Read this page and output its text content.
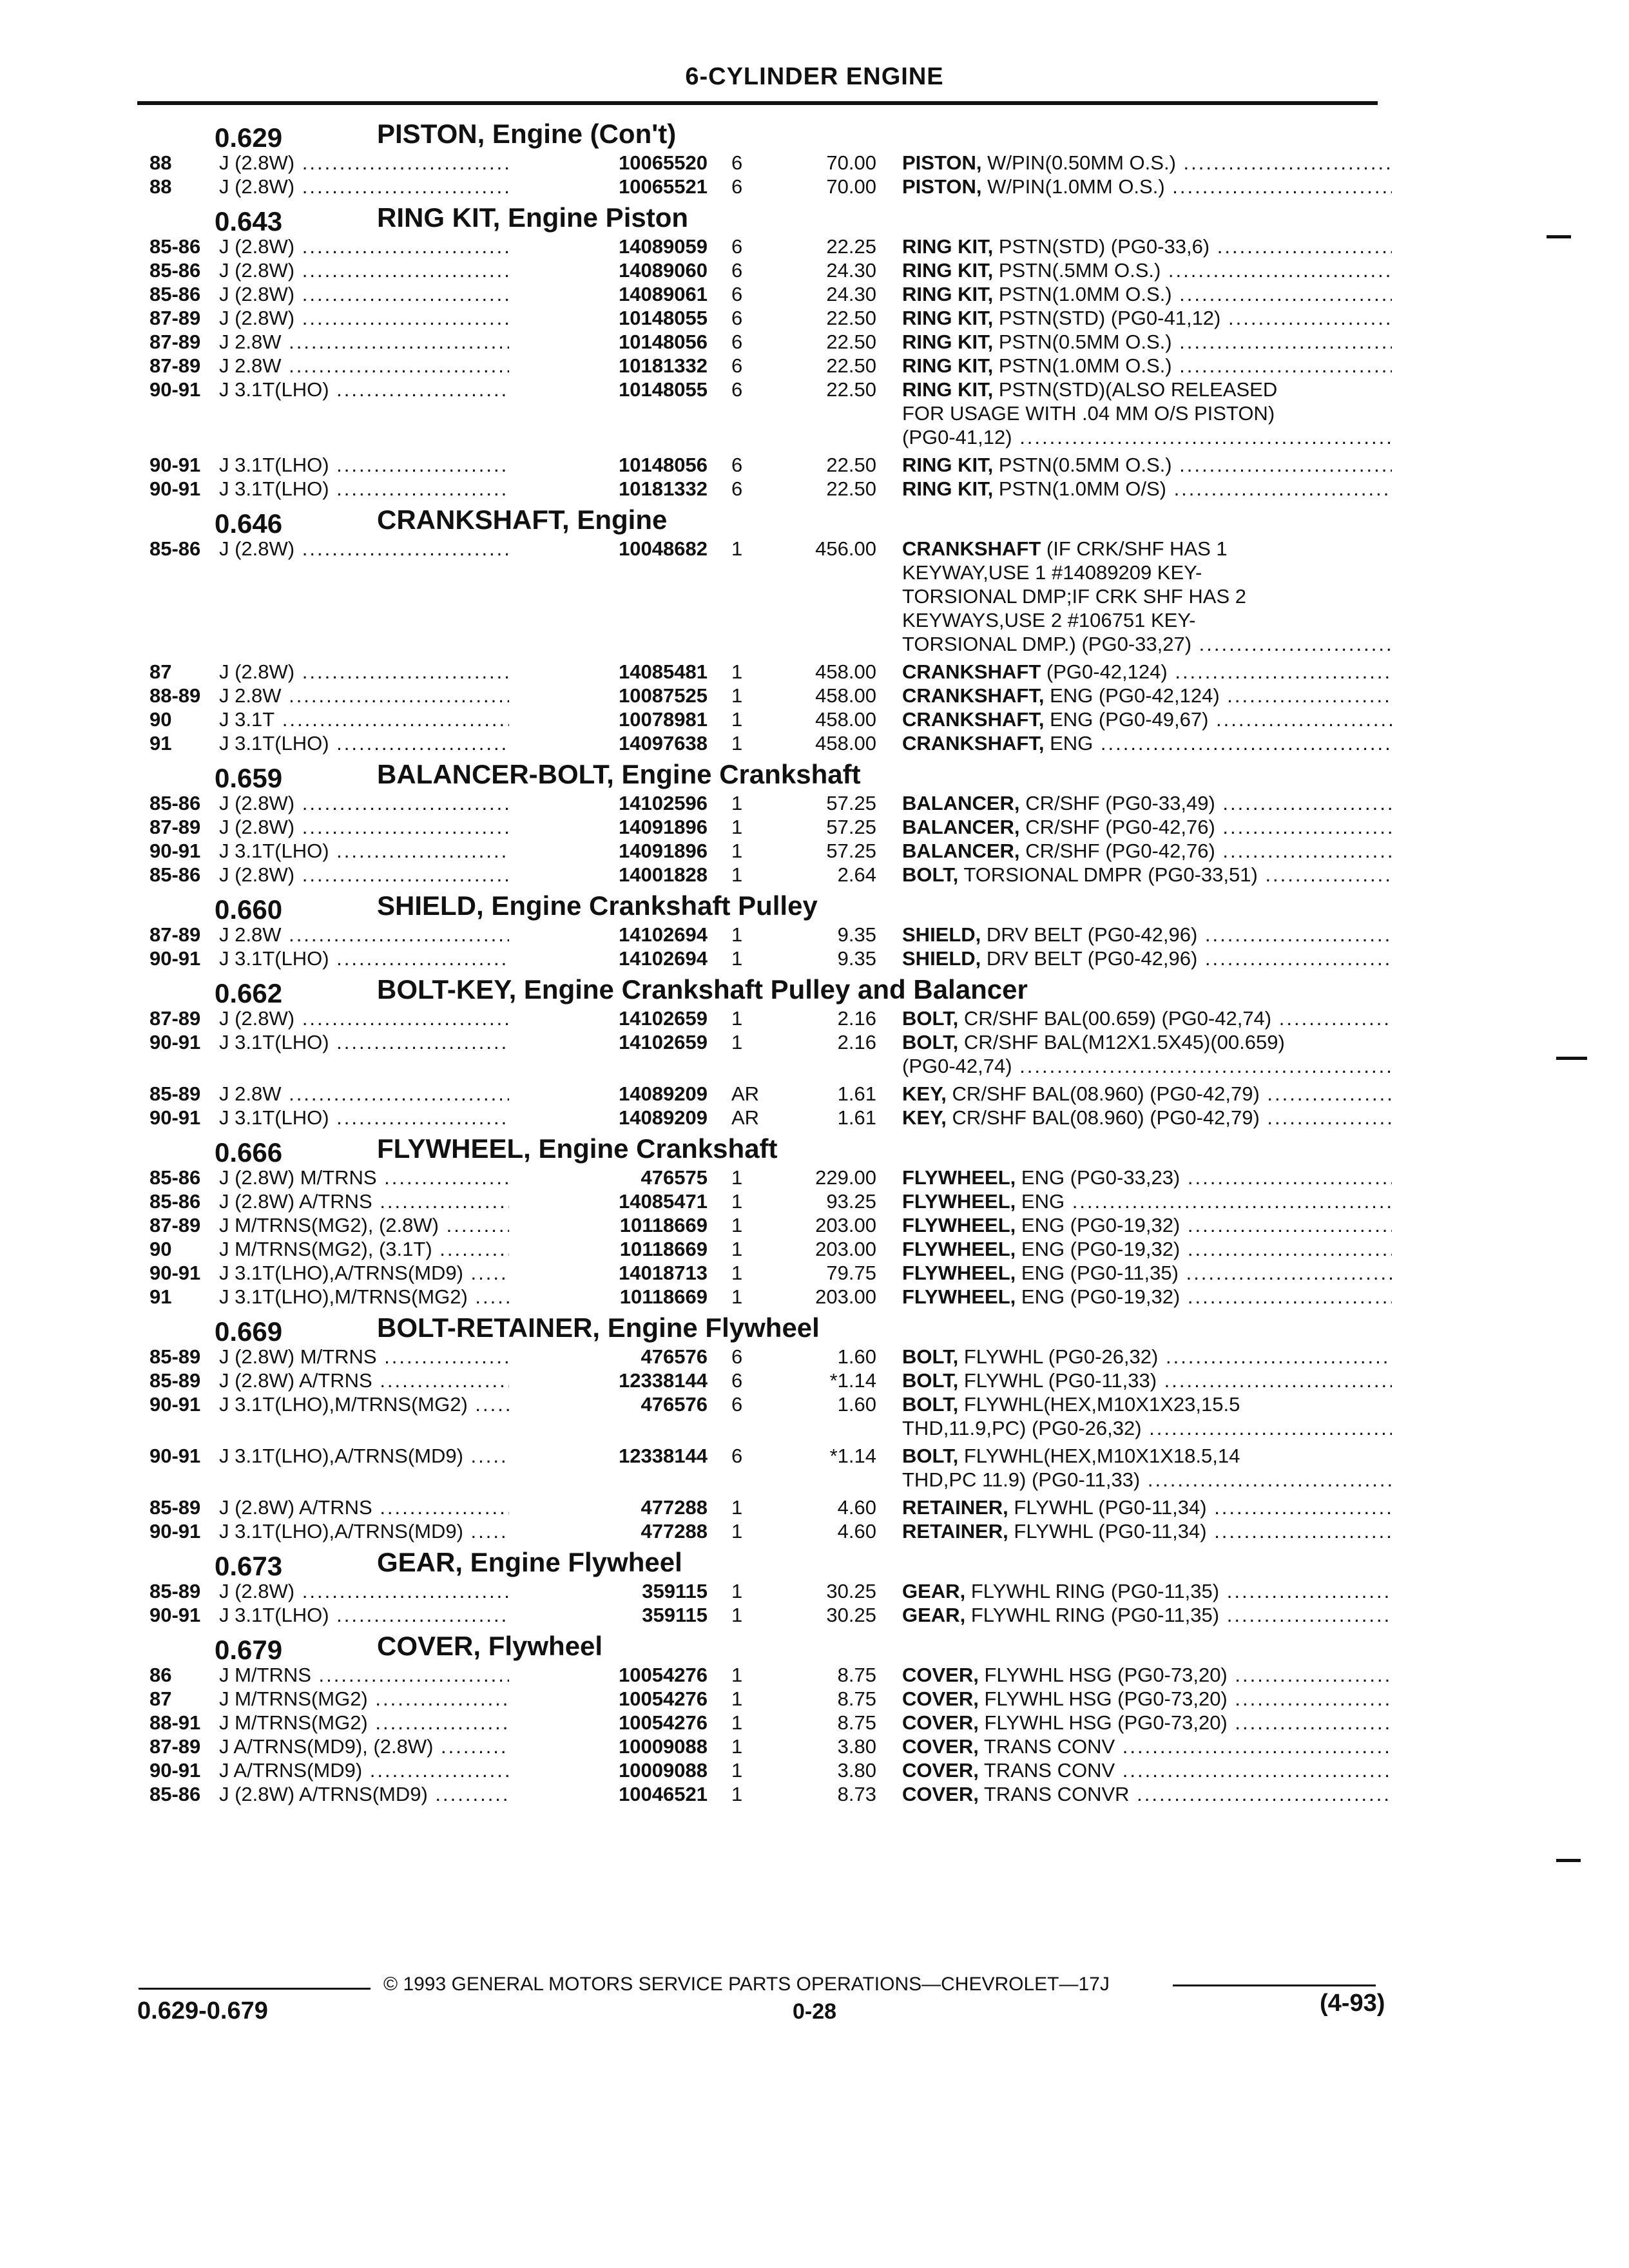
6-CYLINDER ENGINE
0.629	PISTON, Engine (Con't)
88 J (2.8W) .....	10065520 6	70.00 PISTON, W/PIN(0.50MM O.S.) .....
88 J (2.8W) .....	10065521 6	70.00 PISTON, W/PIN(1.0MM O.S.) .....
0.643	RING KIT, Engine Piston
85-86 J (2.8W) .....	14089059 6	22.25 RING KIT, PSTN(STD) (PG0-33,6) .....
85-86 J (2.8W) .....	14089060 6	24.30 RING KIT, PSTN(.5MM O.S.) .....
85-86 J (2.8W) .....	14089061 6	24.30 RING KIT, PSTN(1.0MM O.S.) .....
87-89 J (2.8W) .....	10148055 6	22.50 RING KIT, PSTN(STD) (PG0-41,12) .....
87-89 J 2.8W .....	10148056 6	22.50 RING KIT, PSTN(0.5MM O.S.) .....
87-89 J 2.8W .....	10181332 6	22.50 RING KIT, PSTN(1.0MM O.S.) .....
90-91 J 3.1T(LHO) .....	10148055 6	22.50 RING KIT, PSTN(STD)(ALSO RELEASED
FOR USAGE WITH .04 MM O/S PISTON)
(PG0-41,12) .....
90-91 J 3.1T(LHO) .....	10148056 6	22.50 RING KIT, PSTN(0.5MM O.S.) .....
90-91 J 3.1T(LHO) .....	10181332 6	22.50 RING KIT, PSTN(1.0MM O/S) .....
0.646	CRANKSHAFT, Engine
85-86 J (2.8W) .....	10048682 1	456.00 CRANKSHAFT (IF CRK/SHF HAS 1
KEYWAY,USE 1 #14089209 KEY-
TORSIONAL DMP;IF CRK SHF HAS 2
KEYWAYS,USE 2 #106751 KEY-
TORSIONAL DMP.) (PG0-33,27) .....
87 J (2.8W) .....	14085481 1	458.00 CRANKSHAFT (PG0-42,124) .....
88-89 J 2.8W .....	10087525 1	458.00 CRANKSHAFT, ENG (PG0-42,124) .....
90 J 3.1T .....	10078981 1	458.00 CRANKSHAFT, ENG (PG0-49,67) .....
91 J 3.1T(LHO) .....	14097638 1	458.00 CRANKSHAFT, ENG .....
0.659	BALANCER-BOLT, Engine Crankshaft
85-86 J (2.8W) .....	14102596 1	57.25 BALANCER, CR/SHF (PG0-33,49) .....
87-89 J (2.8W) .....	14091896 1	57.25 BALANCER, CR/SHF (PG0-42,76) .....
90-91 J 3.1T(LHO) .....	14091896 1	57.25 BALANCER, CR/SHF (PG0-42,76) .....
85-86 J (2.8W) .....	14001828 1	2.64 BOLT, TORSIONAL DMPR (PG0-33,51) .....
0.660	SHIELD, Engine Crankshaft Pulley
87-89 J 2.8W .....	14102694 1	9.35 SHIELD, DRV BELT (PG0-42,96) .....
90-91 J 3.1T(LHO) .....	14102694 1	9.35 SHIELD, DRV BELT (PG0-42,96) .....
0.662	BOLT-KEY, Engine Crankshaft Pulley and Balancer
87-89 J (2.8W) .....	14102659 1	2.16 BOLT, CR/SHF BAL(00.659) (PG0-42,74) .....
90-91 J 3.1T(LHO) .....	14102659 1	2.16 BOLT, CR/SHF BAL(M12X1.5X45)(00.659)
(PG0-42,74) .....
85-89 J 2.8W .....	14089209 AR	1.61 KEY, CR/SHF BAL(08.960) (PG0-42,79) .....
90-91 J 3.1T(LHO) .....	14089209 AR	1.61 KEY, CR/SHF BAL(08.960) (PG0-42,79) .....
0.666	FLYWHEEL, Engine Crankshaft
85-86 J (2.8W) M/TRNS .....	476575 1	229.00 FLYWHEEL, ENG (PG0-33,23) .....
85-86 J (2.8W) A/TRNS .....	14085471 1	93.25 FLYWHEEL, ENG .....
87-89 J M/TRNS(MG2), (2.8W) .....	10118669 1	203.00 FLYWHEEL, ENG (PG0-19,32) .....
90 J M/TRNS(MG2), (3.1T) .....	10118669 1	203.00 FLYWHEEL, ENG (PG0-19,32) .....
90-91 J 3.1T(LHO),A/TRNS(MD9) .....	14018713 1	79.75 FLYWHEEL, ENG (PG0-11,35) .....
91 J 3.1T(LHO),M/TRNS(MG2) .....	10118669 1	203.00 FLYWHEEL, ENG (PG0-19,32) .....
0.669	BOLT-RETAINER, Engine Flywheel
85-89 J (2.8W) M/TRNS .....	476576 6	1.60 BOLT, FLYWHL (PG0-26,32) .....
85-89 J (2.8W) A/TRNS .....	12338144 6	*1.14 BOLT, FLYWHL (PG0-11,33) .....
90-91 J 3.1T(LHO),M/TRNS(MG2) .....	476576 6	1.60 BOLT, FLYWHL(HEX,M10X1X23,15.5
THD,11.9,PC) (PG0-26,32) .....
90-91 J 3.1T(LHO),A/TRNS(MD9) .....	12338144 6	*1.14 BOLT, FLYWHL(HEX,M10X1X18.5,14
THD,PC 11.9) (PG0-11,33) .....
85-89 J (2.8W) A/TRNS .....	477288 1	4.60 RETAINER, FLYWHL (PG0-11,34) .....
90-91 J 3.1T(LHO),A/TRNS(MD9) .....	477288 1	4.60 RETAINER, FLYWHL (PG0-11,34) .....
0.673	GEAR, Engine Flywheel
85-89 J (2.8W) .....	359115 1	30.25 GEAR, FLYWHL RING (PG0-11,35) .....
90-91 J 3.1T(LHO) .....	359115 1	30.25 GEAR, FLYWHL RING (PG0-11,35) .....
0.679	COVER, Flywheel
86 J M/TRNS .....	10054276 1	8.75 COVER, FLYWHL HSG (PG0-73,20) .....
87 J M/TRNS(MG2) .....	10054276 1	8.75 COVER, FLYWHL HSG (PG0-73,20) .....
88-91 J M/TRNS(MG2) .....	10054276 1	8.75 COVER, FLYWHL HSG (PG0-73,20) .....
87-89 J A/TRNS(MD9), (2.8W) .....	10009088 1	3.80 COVER, TRANS CONV .....
90-91 J A/TRNS(MD9) .....	10009088 1	3.80 COVER, TRANS CONV .....
85-86 J (2.8W) A/TRNS(MD9) .....	10046521 1	8.73 COVER, TRANS CONVR .....
© 1993 GENERAL MOTORS SERVICE PARTS OPERATIONS—CHEVROLET—17J
0.629-0.679	0-28	(4-93)
